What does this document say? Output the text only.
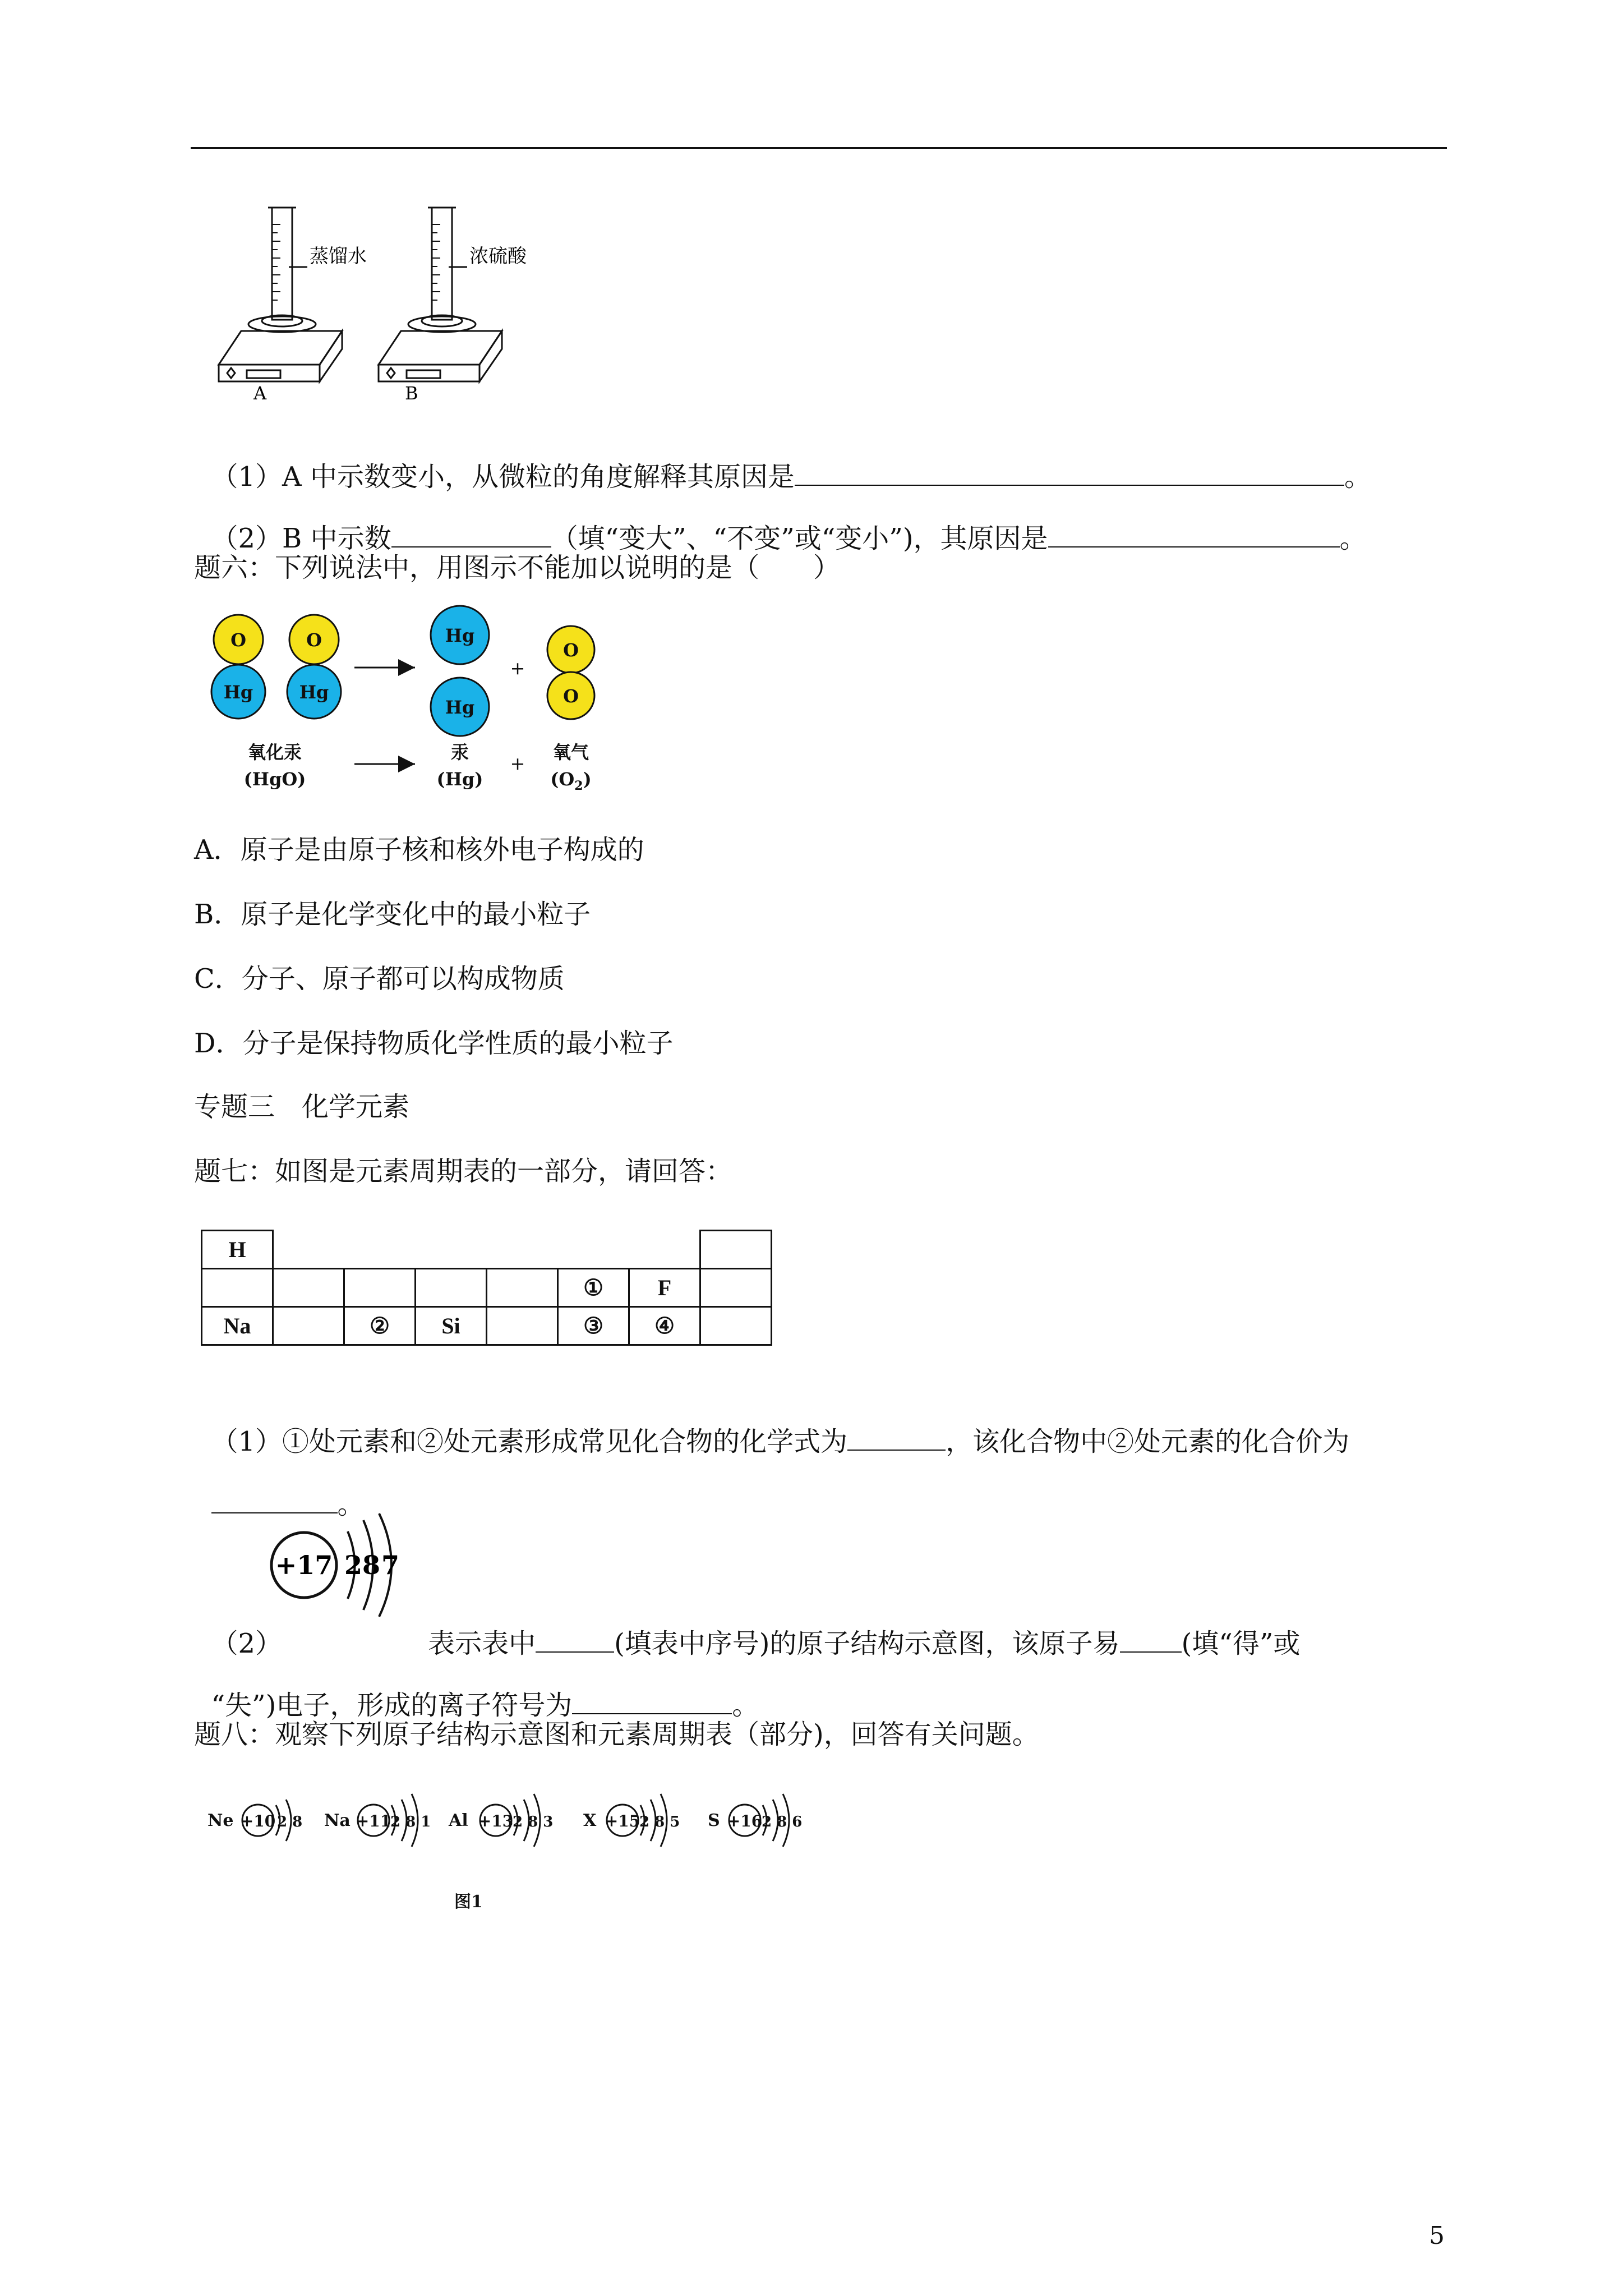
蒸馏水	浓硫酸
A	B

（1）A 中示数变小，从微粒的角度解释其原因是	。

（2）B 中示数	（填“变大”、“不变”或“变小”)，其原因是	。

题六：下列说法中，用图示不能加以说明的是（　　）
O
Hg
O
Hg
Hg
Hg
O
O
+
+
氧化汞
(HgO)
汞
(Hg)
氧气
$(O_2)$
A．原子是由原子核和核外电子构成的
B．原子是化学变化中的最小粒子
C．分子、原子都可以构成物质
D．分子是保持物质化学性质的最小粒子
专题三　化学元素
题七：如图是元素周期表的一部分，请回答：
H							
					①	F	
Na		②	Si		③	④	

（1）①处元素和②处元素形成常见化合物的化学式为	，该化合物中②处元素的化合价为

。

+17 2 8 7

（2）	表示表中	(填表中序号)的原子结构示意图，该原子易 (填“得”或

“失”)电子，形成的离子符号为	。

题八：观察下列原子结构示意图和元素周期表（部分)，回答有关问题。
Ne +10 2 8 Na +11
2 8 1 Al +13
2 8 3 X +15
2 8 5 S +16
2 8 6
图1
5
